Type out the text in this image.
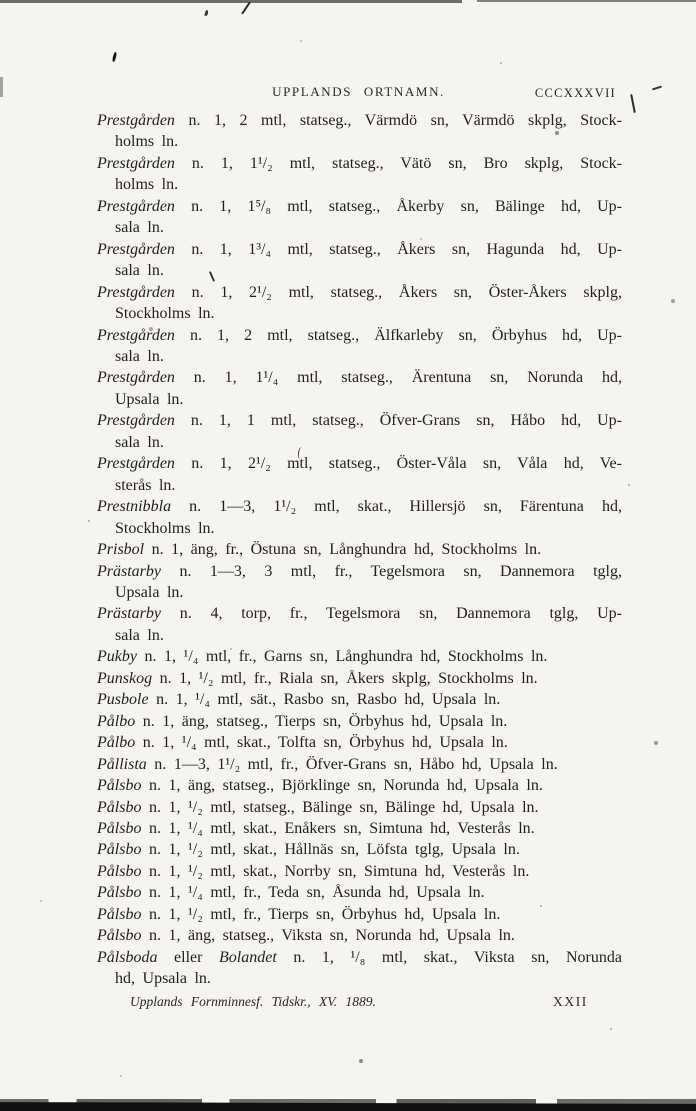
UPPLANDS ORTNAMN.	CCCXXXVII
Prestgården n. 1, 2 mtl, statseg., Värmdö sn, Värmdö skplg, Stock-
holms ln.
Prestgården n. 1, 1¹/₂ mtl, statseg., Vätö sn, Bro skplg, Stock-
holms ln.
Prestgården n. 1, 1⁵/₈ mtl, statseg., Åkerby sn, Bälinge hd, Up-
sala ln.
Prestgården n. 1, 1³/₄ mtl, statseg., Åkers sn, Hagunda hd, Up-
sala ln.
Prestgården n. 1, 2¹/₂ mtl, statseg., Åkers sn, Öster-Åkers skplg,
Stockholms ln.
Prestgården n. 1, 2 mtl, statseg., Älfkarleby sn, Örbyhus hd, Up-
sala ln.
Prestgården n. 1, 1¹/₄ mtl, statseg., Ärentuna sn, Norunda hd,
Upsala ln.
Prestgården n. 1, 1 mtl, statseg., Öfver-Grans sn, Håbo hd, Up-
sala ln.
Prestgården n. 1, 2¹/₂ mtl, statseg., Öster-Våla sn, Våla hd, Ve-
sterås ln.
Prestnibbla n. 1—3, 1¹/₂ mtl, skat., Hillersjö sn, Färentuna hd,
Stockholms ln.
Prisbol n. 1, äng, fr., Östuna sn, Långhundra hd, Stockholms ln.
Prästarby n. 1—3, 3 mtl, fr., Tegelsmora sn, Dannemora tglg,
Upsala ln.
Prästarby n. 4, torp, fr., Tegelsmora sn, Dannemora tglg, Up-
sala ln.
Pukby n. 1, ¹/₄ mtl, fr., Garns sn, Långhundra hd, Stockholms ln.
Punskog n. 1, ¹/₂ mtl, fr., Riala sn, Åkers skplg, Stockholms ln.
Pusbole n. 1, ¹/₄ mtl, sät., Rasbo sn, Rasbo hd, Upsala ln.
Pålbo n. 1, äng, statseg., Tierps sn, Örbyhus hd, Upsala ln.
Pålbo n. 1, ¹/₄ mtl, skat., Tolfta sn, Örbyhus hd, Upsala ln.
Pållista n. 1—3, 1¹/₂ mtl, fr., Öfver-Grans sn, Håbo hd, Upsala ln.
Pålsbo n. 1, äng, statseg., Björklinge sn, Norunda hd, Upsala ln.
Pålsbo n. 1, ¹/₂ mtl, statseg., Bälinge sn, Bälinge hd, Upsala ln.
Pålsbo n. 1, ¹/₄ mtl, skat., Enåkers sn, Simtuna hd, Vesterås ln.
Pålsbo n. 1, ¹/₂ mtl, skat., Hållnäs sn, Löfsta tglg, Upsala ln.
Pålsbo n. 1, ¹/₂ mtl, skat., Norrby sn, Simtuna hd, Vesterås ln.
Pålsbo n. 1, ¹/₄ mtl, fr., Teda sn, Åsunda hd, Upsala ln.
Pålsbo n. 1, ¹/₂ mtl, fr., Tierps sn, Örbyhus hd, Upsala ln.
Pålsbo n. 1, äng, statseg., Viksta sn, Norunda hd, Upsala ln.
Pålsboda eller Bolandet n. 1, ¹/₈ mtl, skat., Viksta sn, Norunda
hd, Upsala ln.
Upplands Fornminnesf. Tidskr., XV. 1889.	XXII
